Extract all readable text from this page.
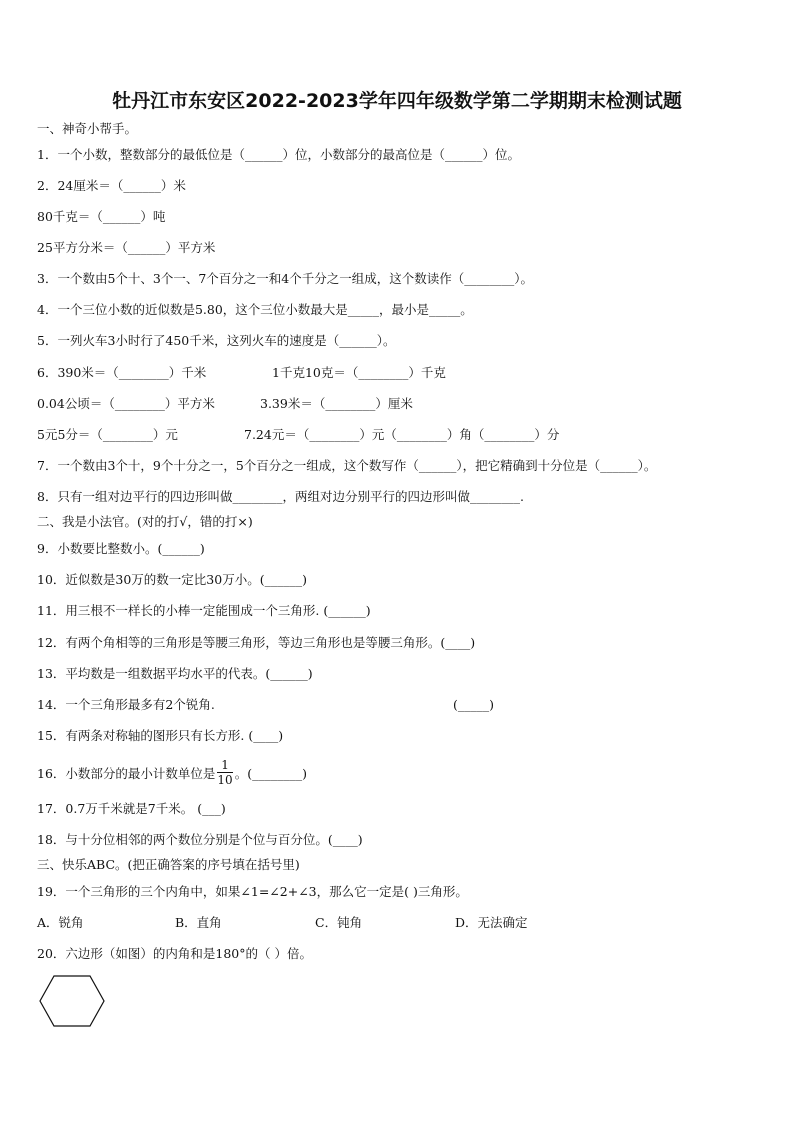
牡丹江市东安区2022-2023学年四年级数学第二学期期末检测试题
一、神奇小帮手。
1．一个小数，整数部分的最低位是（______）位，小数部分的最高位是（______）位。
2．24厘米＝（______）米
80千克＝（______）吨
25平方分米＝（______）平方米
3．一个数由5个十、3个一、7个百分之一和4个千分之一组成，这个数读作（________）。
4．一个三位小数的近似数是5.80，这个三位小数最大是_____，最小是_____。
5．一列火车3小时行了450千米，这列火车的速度是（______）。
6．390米＝（________）千米	1千克10克＝（________）千克
0.04公顷＝（________）平方米	3.39米＝（________）厘米
5元5分＝（________）元	7.24元＝（________）元（________）角（________）分
7．一个数由3个十，9个十分之一，5个百分之一组成，这个数写作（______），把它精确到十分位是（______）。
8．只有一组对边平行的四边形叫做________，两组对边分别平行的四边形叫做________.
二、我是小法官。(对的打√，错的打×)
9．小数要比整数小。(______)
10．近似数是30万的数一定比30万小。(______)
11．用三根不一样长的小棒一定能围成一个三角形. (______)
12．有两个角相等的三角形是等腰三角形，等边三角形也是等腰三角形。(____)
13．平均数是一组数据平均水平的代表。(______)
14．一个三角形最多有2个锐角.	(_____)
15．有两条对称轴的图形只有长方形. (____)
16．小数部分的最小计数单位是 $\frac{1}{10}$ 。(________)
17．0.7万千米就是7千米。 (___)
18．与十分位相邻的两个数位分别是个位与百分位。(____)
三、快乐ABC。(把正确答案的序号填在括号里)
19．一个三角形的三个内角中，如果∠1=∠2+∠3，那么它一定是( )三角形。
A．锐角	B．直角	C．钝角	D．无法确定
20．六边形（如图）的内角和是180°的（ ）倍。
